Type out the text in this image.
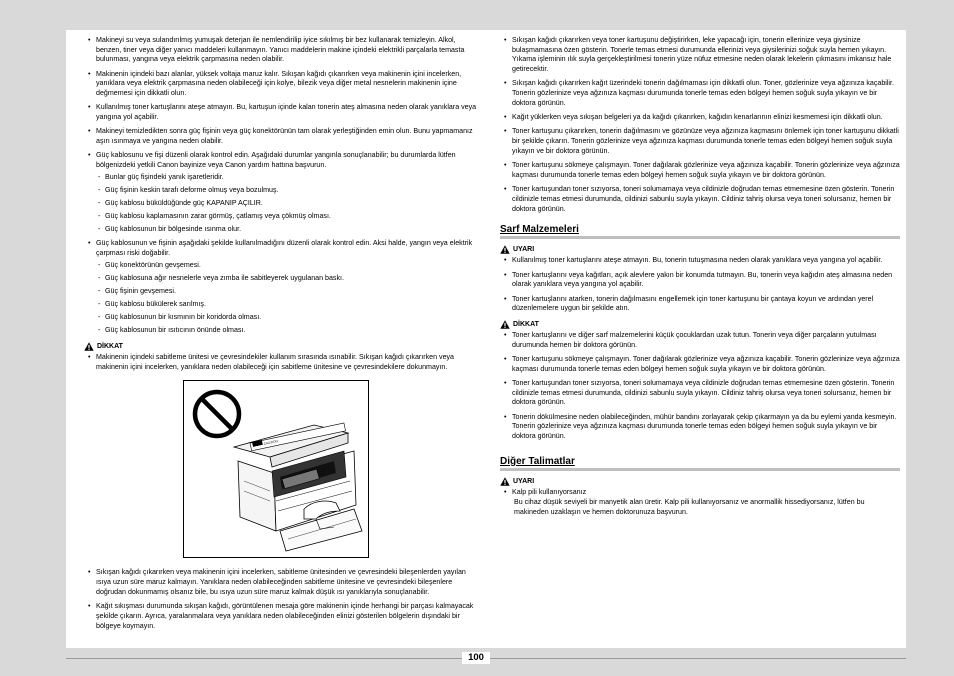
• Makineyi su veya sulandırılmış yumuşak deterjan ile nemlendirilip iyice sıkılmış bir bez kullanarak temizleyin. Alkol, benzen, tiner veya diğer yanıcı maddeleri kullanmayın. Yanıcı maddelerin makine içindeki elektrikli parçalarla temasta bulunması, yangına veya elektrik çarpmasına neden olabilir.
• Makinenin içindeki bazı alanlar, yüksek voltaja maruz kalır. Sıkışan kağıdı çıkarırken veya makinenin içini incelerken, yanıklara veya elektrik çarpmasına neden olabileceği için kolye, bilezik veya diğer metal nesnelerin makinenin içine değmemesi için dikkatli olun.
• Kullanılmış toner kartuşlarını ateşe atmayın. Bu, kartuşun içinde kalan tonerin ateş almasına neden olarak yanıklara veya yangına yol açabilir.
• Makineyi temizledikten sonra güç fişinin veya güç konektörünün tam olarak yerleştiğinden emin olun. Bunu yapmamanız aşırı ısınmaya ve yangına neden olabilir.
• Güç kablosunu ve fişi düzenli olarak kontrol edin. Aşağıdaki durumlar yangınla sonuçlanabilir; bu durumlarda lütfen bölgenizdeki yetkili Canon bayinize veya Canon yardım hattına başvurun.
- Bunlar güç fişindeki yanık işaretleridir.
- Güç fişinin keskin tarafı deforme olmuş veya bozulmuş.
- Güç kablosu büküldüğünde güç KAPANIP AÇILIR.
- Güç kablosu kaplamasının zarar görmüş, çatlamış veya çökmüş olması.
- Güç kablosunun bir bölgesinde ısınma olur.
• Güç kablosunun ve fişinin aşağıdaki şekilde kullanılmadığını düzenli olarak kontrol edin. Aksi halde, yangın veya elektrik çarpması riski doğabilir.
- Güç konektörünün gevşemesi.
- Güç kablosuna ağır nesnelerle veya zımba ile sabitleyerek uygulanan baskı.
- Güç fişinin gevşemesi.
- Güç kablosu bükülerek sarılmış.
- Güç kablosunun bir kısmının bir koridorda olması.
- Güç kablosunun bir ısıtıcının önünde olması.
DİKKAT
• Makinenin içindeki sabitleme ünitesi ve çevresindekiler kullanım sırasında ısınabilir. Sıkışan kağıdı çıkarırken veya makinenin içini incelerken, yanıklara neden olabileceği için sabitleme ünitesine ve çevresindekilere dokunmayın.
CAUTION
• Sıkışan kağıdı çıkarırken veya makinenin içini incelerken, sabitleme ünitesinden ve çevresindeki bileşenlerden yayılan ısıya uzun süre maruz kalmayın. Yanıklara neden olabileceğinden sabitleme ünitesine ve çevresindeki bileşenlere doğrudan dokunmamış olsanız bile, bu ısıya uzun süre maruz kalmak düşük ısı yanıklarıyla sonuçlanabilir.
• Kağıt sıkışması durumunda sıkışan kağıdı, görüntülenen mesaja göre makinenin içinde herhangi bir parçası kalmayacak şekilde çıkarın. Ayrıca, yaralanmalara veya yanıklara neden olabileceğinden elinizi gösterilen bölgelerin dışındaki bir bölgeye koymayın.
• Sıkışan kağıdı çıkarırken veya toner kartuşunu değiştirirken, leke yapacağı için, tonerin ellerinize veya giysinize bulaşmamasına özen gösterin. Tonerle temas etmesi durumunda ellerinizi veya giysilerinizi soğuk suyla hemen yıkayın. Yıkama işleminin ılık suyla gerçekleştirilmesi tonerin yüze nüfuz etmesine neden olarak lekelerin çıkmasını imkansız hale getirecektir.
• Sıkışan kağıdı çıkarırken kağıt üzerindeki tonerin dağılmaması için dikkatli olun. Toner, gözlerinize veya ağzınıza kaçabilir. Tonerin gözlerinize veya ağzınıza kaçması durumunda tonerle temas eden bölgeyi hemen soğuk suyla yıkayın ve bir doktora görünün.
• Kağıt yüklerken veya sıkışan belgeleri ya da kağıdı çıkarırken, kağıdın kenarlarının elinizi kesmemesi için dikkatli olun.
• Toner kartuşunu çıkarırken, tonerin dağılmasını ve gözünüze veya ağzınıza kaçmasını önlemek için toner kartuşunu dikkatli bir şekilde çıkarın. Tonerin gözlerinize veya ağzınıza kaçması durumunda tonerle temas eden bölgeyi hemen soğuk suyla yıkayın ve bir doktora görünün.
• Toner kartuşunu sökmeye çalışmayın. Toner dağılarak gözlerinize veya ağzınıza kaçabilir. Tonerin gözlerinize veya ağzınıza kaçması durumunda tonerle temas eden bölgeyi hemen soğuk suyla yıkayın ve bir doktora görünün.
• Toner kartuşundan toner sızıyorsa, toneri solumamaya veya cildinizle doğrudan temas etmemesine özen gösterin. Tonerin cildinizle temas etmesi durumunda, cildinizi sabunlu suyla yıkayın. Cildiniz tahriş olursa veya toneri solursanız, hemen bir doktora görünün.
Sarf Malzemeleri
UYARI
• Kullanılmış toner kartuşlarını ateşe atmayın. Bu, tonerin tutuşmasına neden olarak yanıklara veya yangına yol açabilir.
• Toner kartuşlarını veya kağıtları, açık alevlere yakın bir konumda tutmayın. Bu, tonerin veya kağıdın ateş almasına neden olarak yanıklara veya yangına yol açabilir.
• Toner kartuşlarını atarken, tonerin dağılmasını engellemek için toner kartuşunu bir çantaya koyun ve ardından yerel düzenlemelere uygun bir şekilde atın.
DİKKAT
• Toner kartuşlarını ve diğer sarf malzemelerini küçük çocuklardan uzak tutun. Tonerin veya diğer parçaların yutulması durumunda hemen bir doktora görünün.
• Toner kartuşunu sökmeye çalışmayın. Toner dağılarak gözlerinize veya ağzınıza kaçabilir. Tonerin gözlerinize veya ağzınıza kaçması durumunda tonerle temas eden bölgeyi hemen soğuk suyla yıkayın ve bir doktora görünün.
• Toner kartuşundan toner sızıyorsa, toneri solumamaya veya cildinizle doğrudan temas etmemesine özen gösterin. Tonerin cildinizle temas etmesi durumunda, cildinizi sabunlu suyla yıkayın. Cildiniz tahriş olursa veya toneri solursanız, hemen bir doktora görünün.
• Tonerin dökülmesine neden olabileceğinden, mühür bandını zorlayarak çekip çıkarmayın ya da bu eylemi yanda kesmeyin. Tonerin gözlerinize veya ağzınıza kaçması durumunda tonerle temas eden bölgeyi hemen soğuk suyla yıkayın ve bir doktora görünün.
Diğer Talimatlar
UYARI
• Kalp pili kullanıyorsanız
Bu cihaz düşük seviyeli bir manyetik alan üretir. Kalp pili kullanıyorsanız ve anormallik hissediyorsanız, lütfen bu makineden uzaklaşın ve hemen doktorunuza başvurun.
100
